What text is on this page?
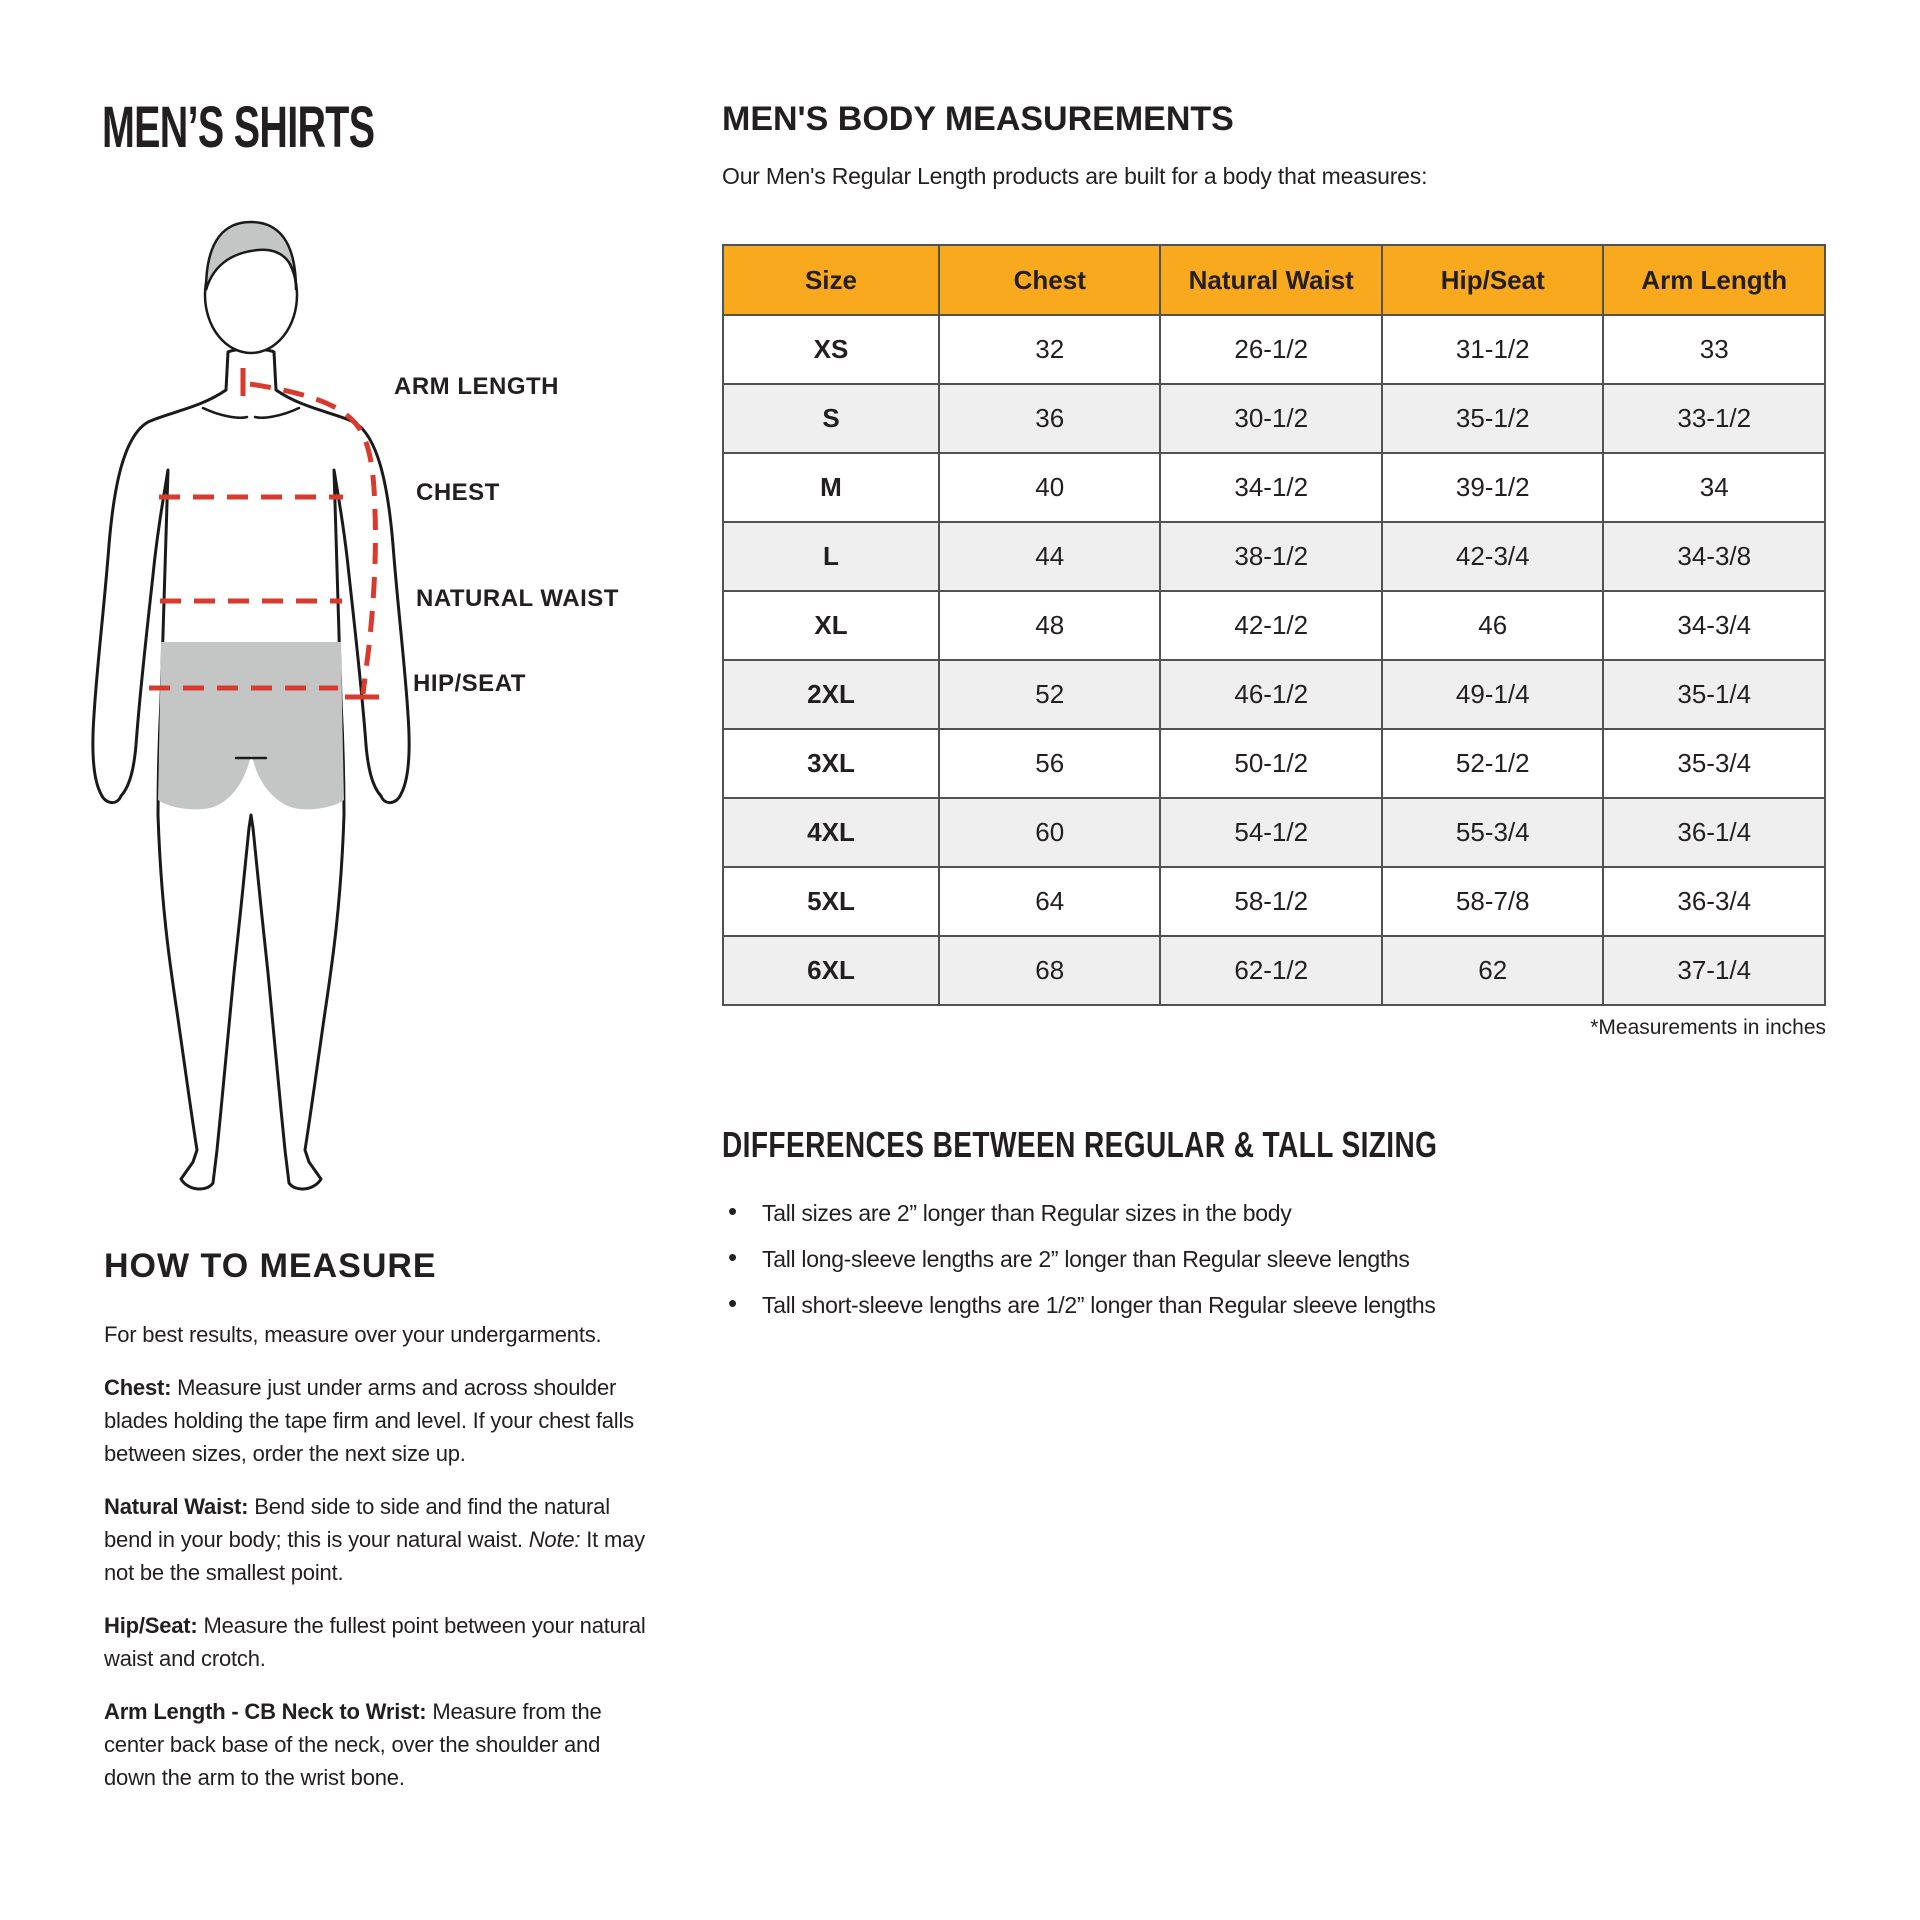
MEN’S SHIRTS
ARM LENGTH
CHEST
NATURAL WAIST
HIP/SEAT
MEN'S BODY MEASUREMENTS
Our Men's Regular Length products are built for a body that measures:
Size	Chest	Natural Waist	Hip/Seat	Arm Length
XS	32	26-1/2	31-1/2	33
S	36	30-1/2	35-1/2	33-1/2
M	40	34-1/2	39-1/2	34
L	44	38-1/2	42-3/4	34-3/8
XL	48	42-1/2	46	34-3/4
2XL	52	46-1/2	49-1/4	35-1/4
3XL	56	50-1/2	52-1/2	35-3/4
4XL	60	54-1/2	55-3/4	36-1/4
5XL	64	58-1/2	58-7/8	36-3/4
6XL	68	62-1/2	62	37-1/4
*Measurements in inches
DIFFERENCES BETWEEN REGULAR & TALL SIZING
• Tall sizes are 2” longer than Regular sizes in the body
• Tall long-sleeve lengths are 2” longer than Regular sleeve lengths
• Tall short-sleeve lengths are 1/2” longer than Regular sleeve lengths
HOW TO MEASURE

For best results, measure over your undergarments.

Chest: Measure just under arms and across shoulder blades holding the tape firm and level. If your chest falls between sizes, order the next size up.

Natural Waist: Bend side to side and find the natural bend in your body; this is your natural waist. Note: It may not be the smallest point.

Hip/Seat: Measure the fullest point between your natural waist and crotch.

Arm Length - CB Neck to Wrist: Measure from the center back base of the neck, over the shoulder and down the arm to the wrist bone.
